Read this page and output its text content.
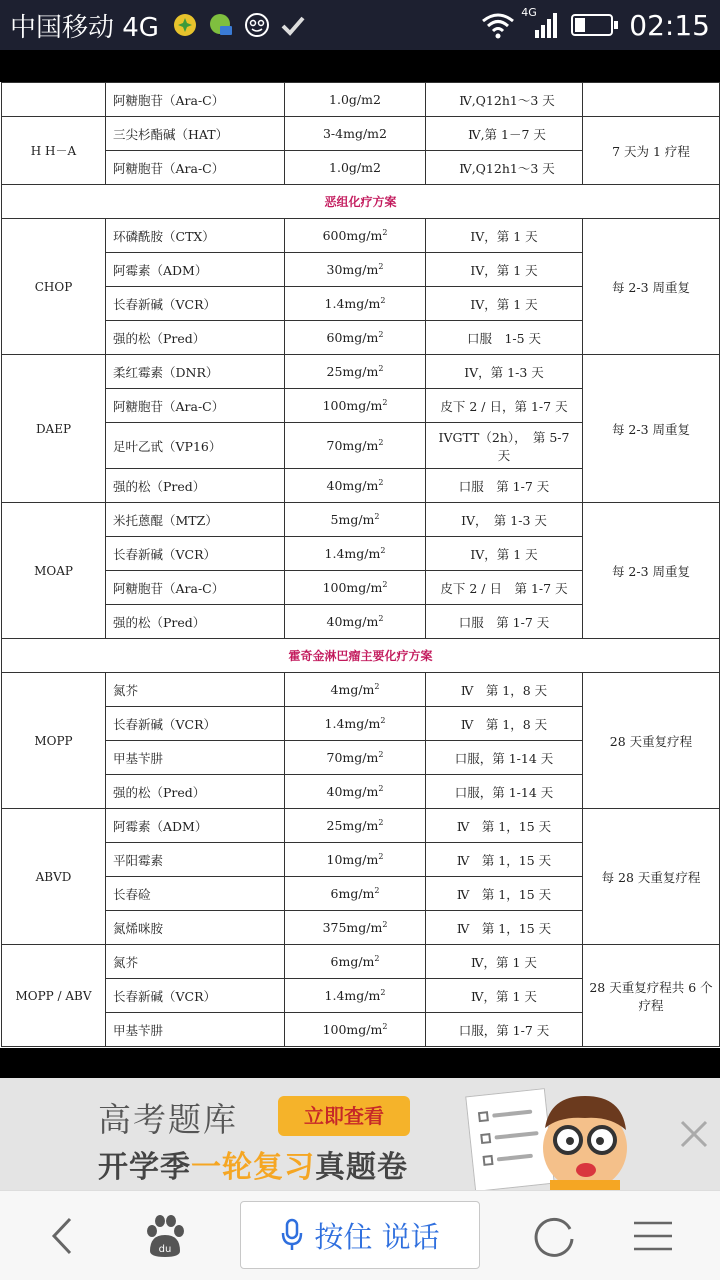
中国移动 4G	4G	02:15
	阿糖胞苷（Ara-C）	1.0g/m2	Ⅳ,Q12h1～3 天	
H H－A	三尖杉酯碱（HAT）	3-4mg/m2	Ⅳ,第 1－7 天	7 天为 1 疗程
	阿糖胞苷（Ara-C）	1.0g/m2	Ⅳ,Q12h1～3 天	
恶组化疗方案				
CHOP	环磷酰胺（CTX）	$600mg/m^2$	IV，第 1 天	每 2-3 周重复
	阿霉素（ADM）	$30mg/m^2$	IV，第 1 天	
	长春新碱（VCR）	$1.4mg/m^2$	IV，第 1 天	
	强的松（Pred）	$60mg/m^2$	口服　1-5 天	
DAEP	柔红霉素（DNR）	$25mg/m^2$	IV，第 1-3 天	每 2-3 周重复
	阿糖胞苷（Ara-C）	$100mg/m^2$	皮下 2 / 日，第 1-7 天	
	足叶乙甙（VP16）	$70mg/m^2$	IVGTT（2h），　第 5-7 天	
	强的松（Pred）	$40mg/m^2$	口服　第 1-7 天	
MOAP	米托蒽醌（MTZ）	$5mg/m^2$	IV，　第 1-3 天	每 2-3 周重复
	长春新碱（VCR）	$1.4mg/m^2$	IV，第 1 天	
	阿糖胞苷（Ara-C）	$100mg/m^2$	皮下 2 / 日　第 1-7 天	
	强的松（Pred）	$40mg/m^2$	口服　第 1-7 天	
霍奇金淋巴瘤主要化疗方案				
MOPP	氮芥	$4mg/m^2$	Ⅳ　第 1，8 天	28 天重复疗程
	长春新碱（VCR）	$1.4mg/m^2$	Ⅳ　第 1，8 天	
	甲基苄肼	$70mg/m^2$	口服，第 1-14 天	
	强的松（Pred）	$40mg/m^2$	口服，第 1-14 天	
ABVD	阿霉素（ADM）	$25mg/m^2$	Ⅳ　第 1，15 天	每 28 天重复疗程
	平阳霉素	$10mg/m^2$	Ⅳ　第 1，15 天	
	长春硷	$6mg/m^2$	Ⅳ　第 1，15 天	
	氮烯咪胺	$375mg/m^2$	Ⅳ　第 1，15 天	
MOPP / ABV	氮芥	$6mg/m^2$	Ⅳ，第 1 天	28 天重复疗程共 6 个疗程
	长春新碱（VCR）	$1.4mg/m^2$	Ⅳ，第 1 天	
	甲基苄肼	$100mg/m^2$	口服，第 1-7 天	
高考题库	立即查看
开学季一轮复习真题卷
du	按住 说话
